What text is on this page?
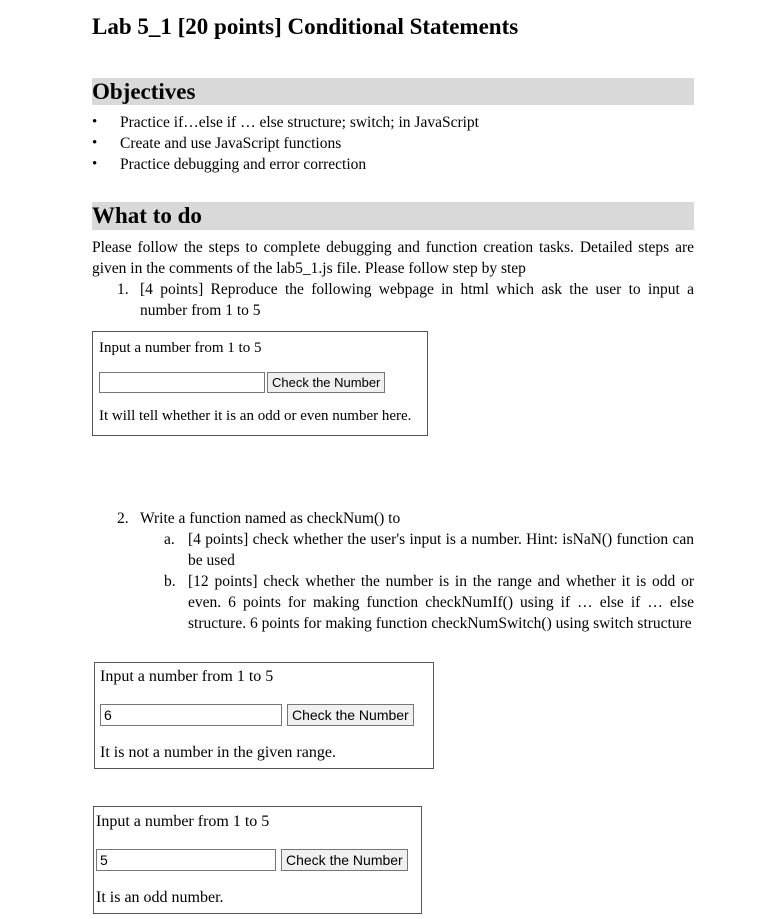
Lab 5_1 [20 points] Conditional Statements
Objectives
• Practice if…else if … else structure; switch; in JavaScript
• Create and use JavaScript functions
• Practice debugging and error correction
What to do
Please follow the steps to complete debugging and function creation tasks. Detailed steps are given in the comments of the lab5_1.js file. Please follow step by step
1. [4 points] Reproduce the following webpage in html which ask the user to input a number from 1 to 5
Input a number from 1 to 5
Check the Number
It will tell whether it is an odd or even number here.
2. Write a function named as checkNum() to
a. [4 points] check whether the user's input is a number. Hint: isNaN() function can be used
b. [12 points] check whether the number is in the range and whether it is odd or even. 6 points for making function checkNumIf() using if … else if … else structure. 6 points for making function checkNumSwitch() using switch structure
Input a number from 1 to 5
6
Check the Number
It is not a number in the given range.
Input a number from 1 to 5
5
Check the Number
It is an odd number.
